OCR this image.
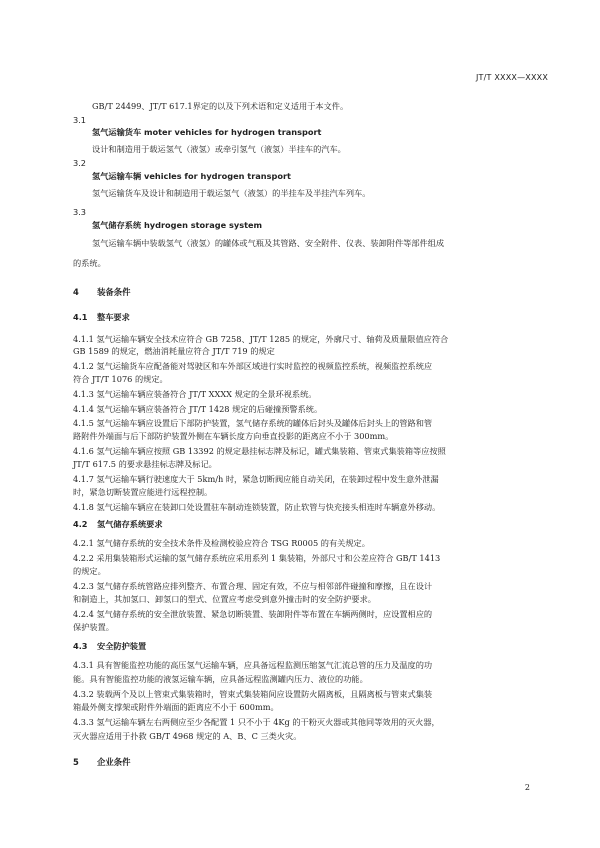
JT/T XXXX—XXXX
GB/T 24499、JT/T 617.1界定的以及下列术语和定义适用于本文件。
3.1
氢气运输货车 moter vehicles for hydrogen transport
设计和制造用于载运氢气（液氢）或牵引氢气（液氢）半挂车的汽车。
3.2
氢气运输车辆 vehicles for hydrogen transport
氢气运输货车及设计和制造用于载运氢气（液氢）的半挂车及半挂汽车列车。
3.3
氢气储存系统 hydrogen storage system
氢气运输车辆中装载氢气（液氢）的罐体或气瓶及其管路、安全附件、仪表、装卸附件等部件组成
的系统。
4 装备条件
4.1 整车要求
4.1.1 氢气运输车辆安全技术应符合 GB 7258、JT/T 1285 的规定，外廓尺寸、轴荷及质量限值应符合
GB 1589 的规定，燃油消耗量应符合 JT/T 719 的规定
4.1.2 氢气运输货车应配备能对驾驶区和车外部区域进行实时监控的视频监控系统，视频监控系统应
符合 JT/T 1076 的规定。
4.1.3 氢气运输车辆应装备符合 JT/T XXXX 规定的全景环视系统。
4.1.4 氢气运输车辆应装备符合 JT/T 1428 规定的后碰撞预警系统。
4.1.5 氢气运输车辆应设置后下部防护装置，氢气储存系统的罐体后封头及罐体后封头上的管路和管
路附件外端面与后下部防护装置外侧在车辆长度方向垂直投影的距离应不小于 300mm。
4.1.6 氢气运输车辆应按照 GB 13392 的规定悬挂标志牌及标记，罐式集装箱、管束式集装箱等应按照
JT/T 617.5 的要求悬挂标志牌及标记。
4.1.7 氢气运输车辆行驶速度大于 5km/h 时，紧急切断阀应能自动关闭，在装卸过程中发生意外泄漏
时，紧急切断装置应能进行远程控制。
4.1.8 氢气运输车辆应在装卸口处设置驻车制动连锁装置，防止软管与快充接头相连时车辆意外移动。
4.2 氢气储存系统要求
4.2.1 氢气储存系统的安全技术条件及检测校验应符合 TSG R0005 的有关规定。
4.2.2 采用集装箱形式运输的氢气储存系统应采用系列 1 集装箱，外部尺寸和公差应符合 GB/T 1413
的规定。
4.2.3 氢气储存系统管路应排列整齐、布置合理、固定有效，不应与相邻部件碰撞和摩擦，且在设计
和制造上，其加氢口、卸氢口的型式、位置应考虑受到意外撞击时的安全防护要求。
4.2.4 氢气储存系统的安全泄放装置、紧急切断装置、装卸附件等布置在车辆两侧时，应设置相应的
保护装置。
4.3 安全防护装置
4.3.1 具有智能监控功能的高压氢气运输车辆，应具备远程监测压缩氢气汇流总管的压力及温度的功
能。具有智能监控功能的液氢运输车辆，应具备远程监测罐内压力、液位的功能。
4.3.2 装载两个及以上管束式集装箱时，管束式集装箱间应设置防火隔离板，且隔离板与管束式集装
箱最外侧支撑架或附件外端面的距离应不小于 600mm。
4.3.3 氢气运输车辆左右两侧应至少各配置 1 只不小于 4Kg 的干粉灭火器或其他同等效用的灭火器，
灭火器应适用于扑救 GB/T 4968 规定的 A、B、C 三类火灾。
5 企业条件
2
